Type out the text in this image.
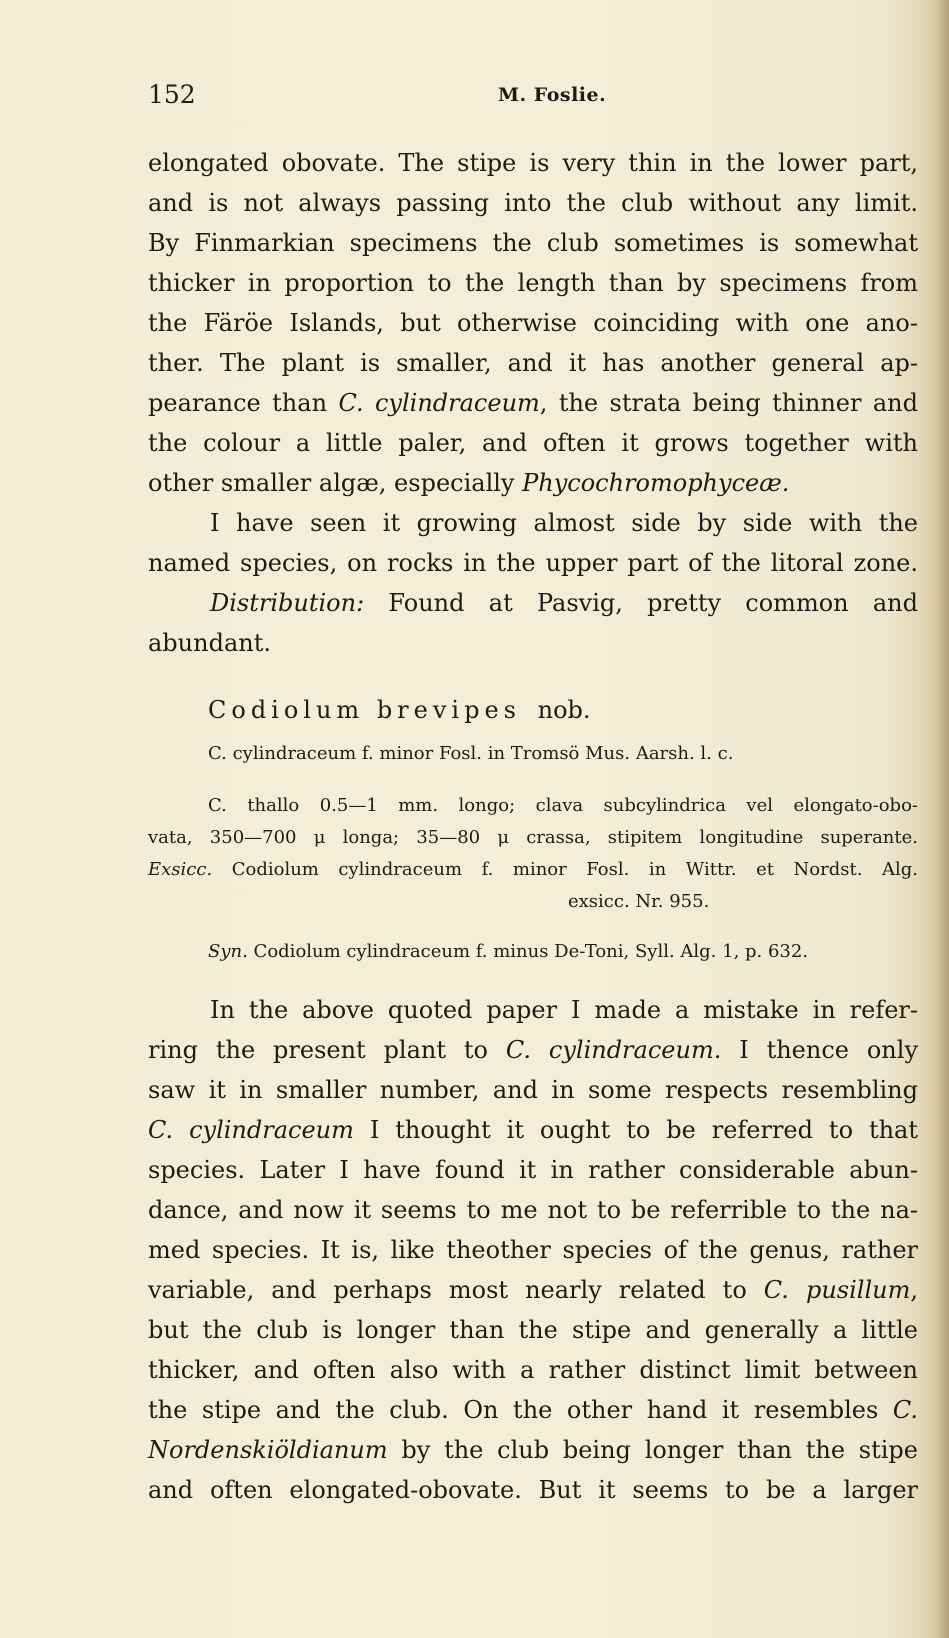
152	M. Foslie.
elongated obovate. The stipe is very thin in the lower part,
and is not always passing into the club without any limit.
By Finmarkian specimens the club sometimes is somewhat
thicker in proportion to the length than by specimens from
the Färöe Islands, but otherwise coinciding with one ano-
ther. The plant is smaller, and it has another general ap-
pearance than C. cylindraceum, the strata being thinner and
the colour a little paler, and often it grows together with
other smaller algæ, especially Phycochromophyceæ.
I have seen it growing almost side by side with the
named species, on rocks in the upper part of the litoral zone.
Distribution: Found at Pasvig, pretty common and
abundant.
Codiolum brevipes nob.
C. cylindraceum f. minor Fosl. in Tromsö Mus. Aarsh. l. c.
C. thallo 0.5—1 mm. longo; clava subcylindrica vel elongato-obo-
vata, 350—700 μ longa; 35—80 μ crassa, stipitem longitudine superante.
Exsicc. Codiolum cylindraceum f. minor Fosl. in Wittr. et Nordst. Alg.
exsicc. Nr. 955.
Syn. Codiolum cylindraceum f. minus De-Toni, Syll. Alg. 1, p. 632.
In the above quoted paper I made a mistake in refer-
ring the present plant to C. cylindraceum. I thence only
saw it in smaller number, and in some respects resembling
C. cylindraceum I thought it ought to be referred to that
species. Later I have found it in rather considerable abun-
dance, and now it seems to me not to be referrible to the na-
med species. It is, like theother species of the genus, rather
variable, and perhaps most nearly related to C. pusillum,
but the club is longer than the stipe and generally a little
thicker, and often also with a rather distinct limit between
the stipe and the club. On the other hand it resembles C.
Nordenskiöldianum by the club being longer than the stipe
and often elongated-obovate. But it seems to be a larger
